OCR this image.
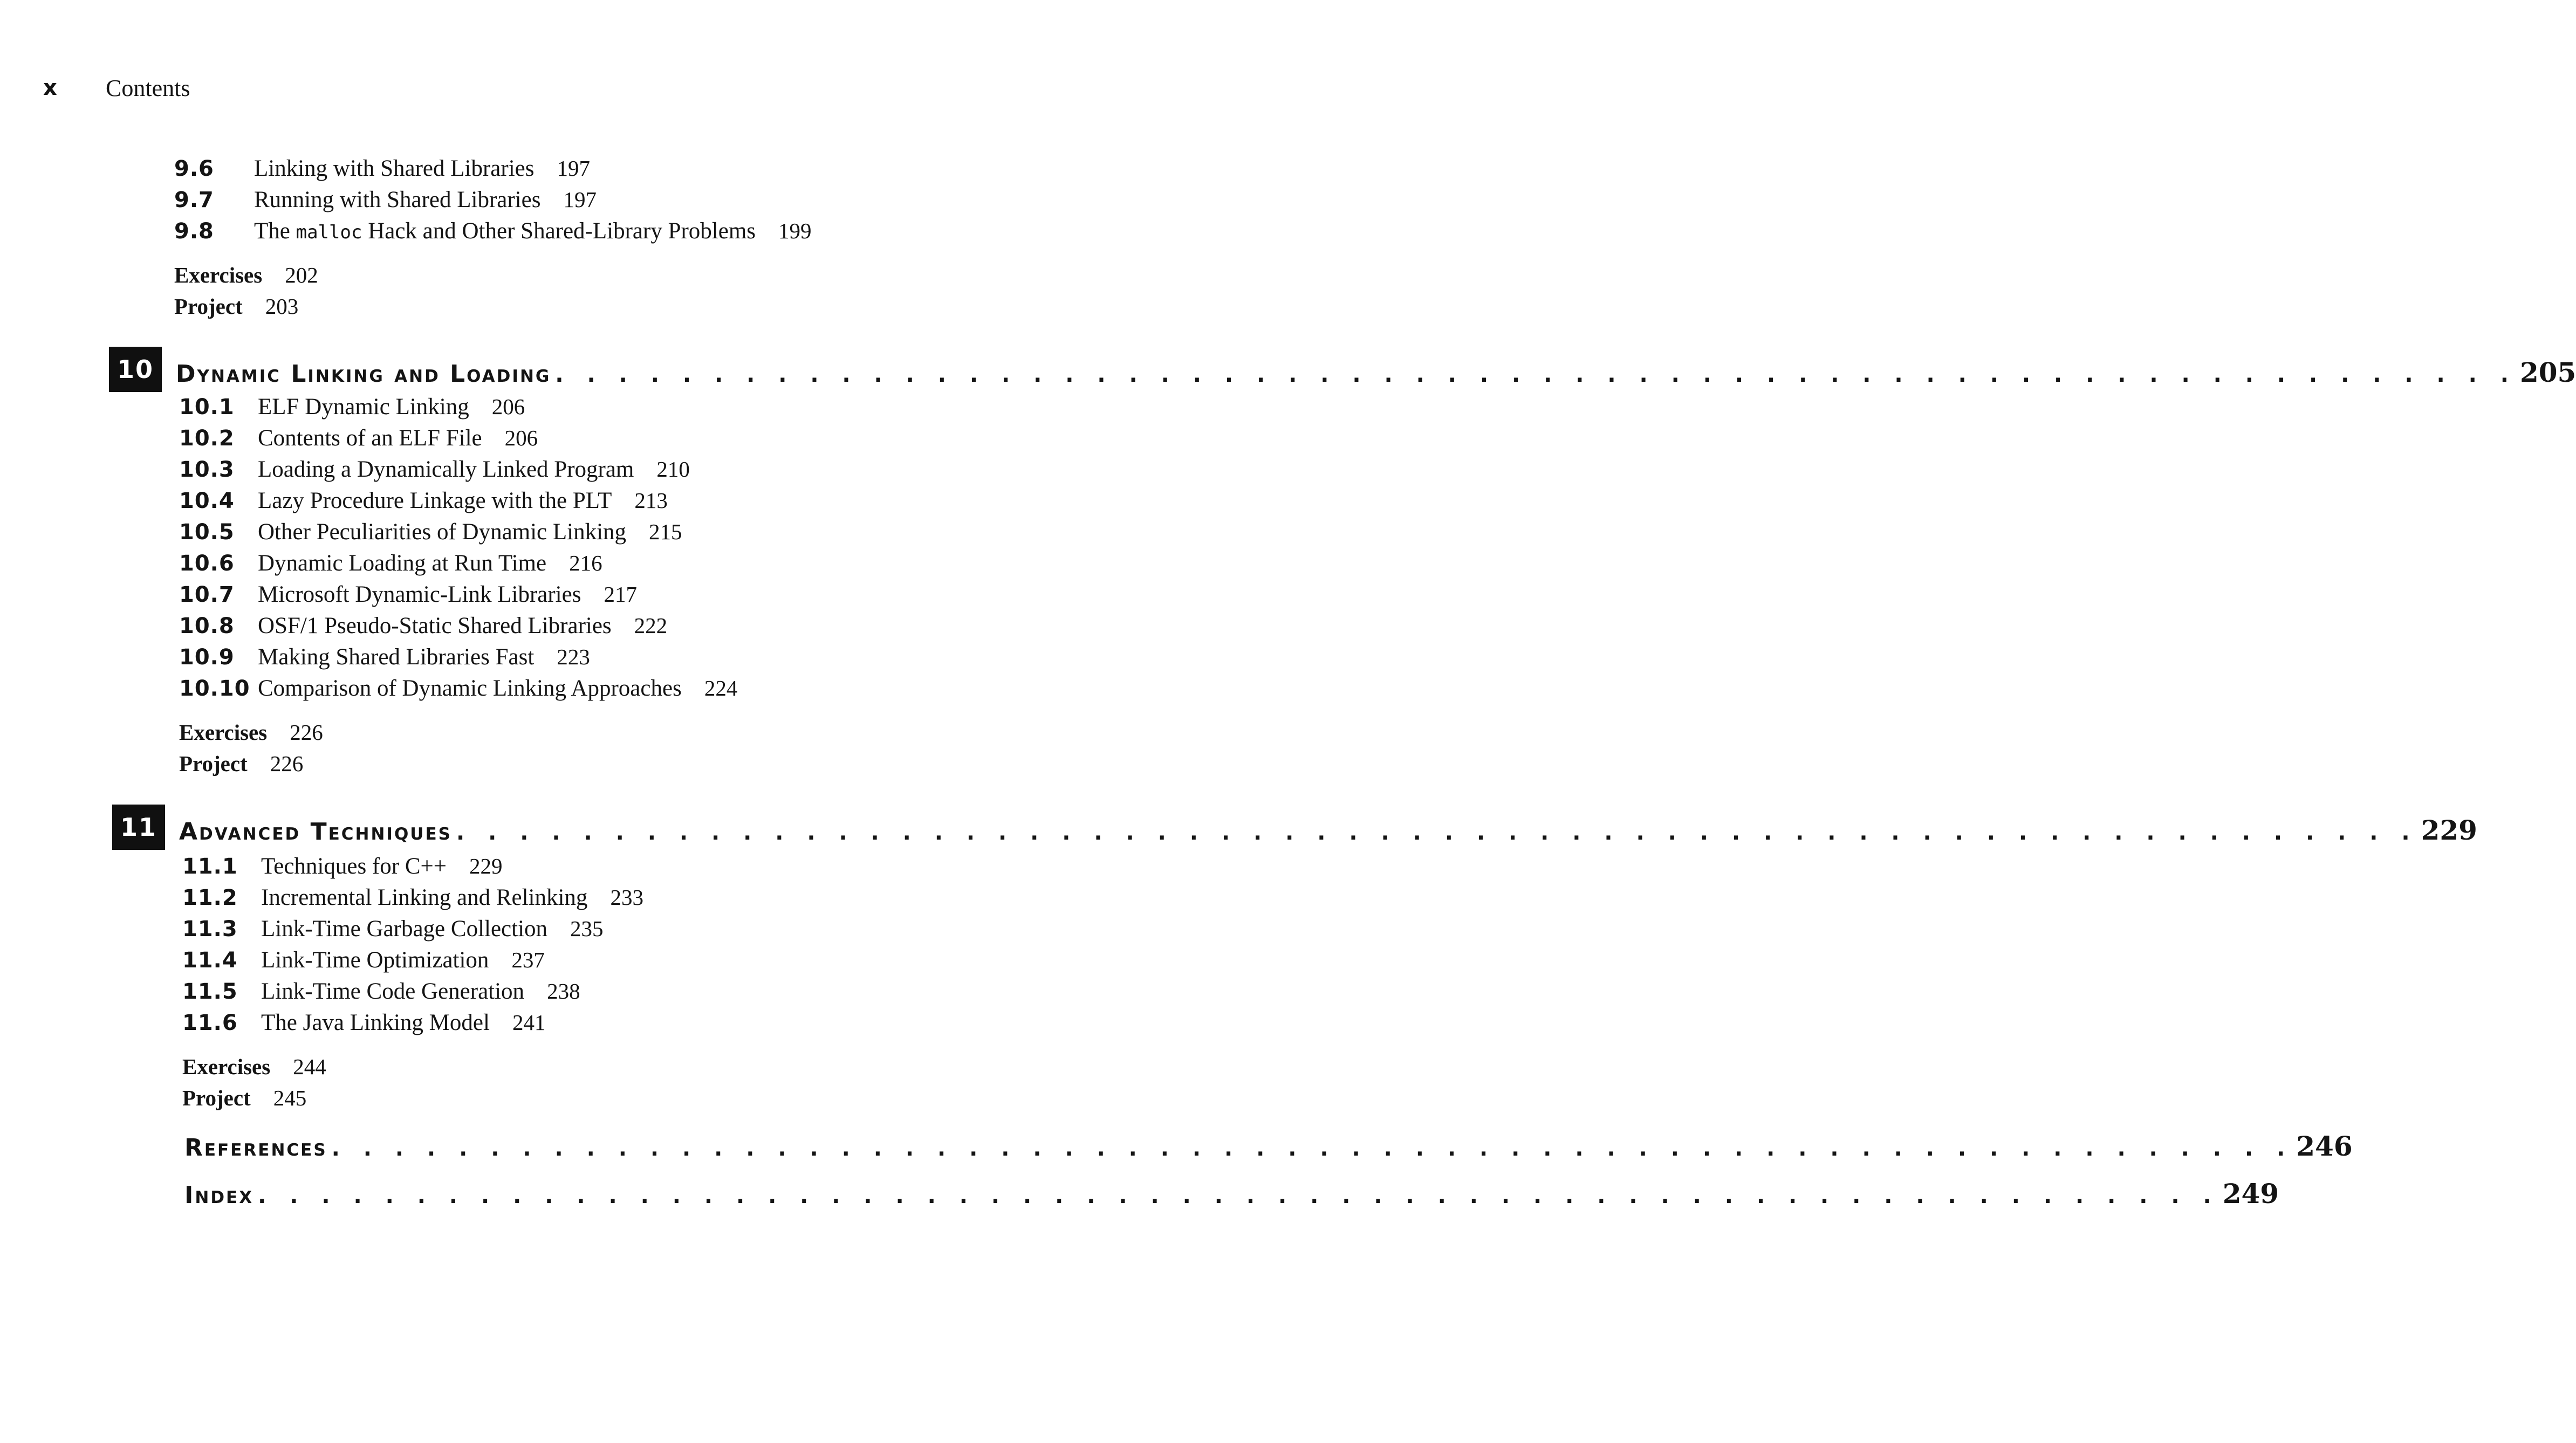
x Contents
9.6	Linking with Shared Libraries 197
9.7	Running with Shared Libraries 197
9.8	The malloc Hack and Other Shared-Library Problems 199
Exercises 202
Project 203
10 Dynamic Linking and Loading . . . . . . . . . . . . . . . . . . . . . . . . . . . . . . . . . . . . . . . . . . . . . . . . . . . . . . . . . . . . . . 205
10.1	ELF Dynamic Linking 206
10.2	Contents of an ELF File 206
10.3	Loading a Dynamically Linked Program 210
10.4	Lazy Procedure Linkage with the PLT 213
10.5	Other Peculiarities of Dynamic Linking 215
10.6	Dynamic Loading at Run Time 216
10.7	Microsoft Dynamic-Link Libraries 217
10.8	OSF/1 Pseudo-Static Shared Libraries 222
10.9	Making Shared Libraries Fast 223
10.10 Comparison of Dynamic Linking Approaches 224
Exercises 226
Project 226
11 Advanced Techniques . . . . . . . . . . . . . . . . . . . . . . . . . . . . . . . . . . . . . . . . . . . . . . . . . . . . . . . . . . . . . . 229
11.1	Techniques for C++ 229
11.2	Incremental Linking and Relinking 233
11.3	Link-Time Garbage Collection 235
11.4	Link-Time Optimization 237
11.5	Link-Time Code Generation 238
11.6	The Java Linking Model 241
Exercises 244
Project 245
References . . . . . . . . . . . . . . . . . . . . . . . . . . . . . . . . . . . . . . . . . . . . . . . . . . . . . . . . . . . . . . 246
Index . . . . . . . . . . . . . . . . . . . . . . . . . . . . . . . . . . . . . . . . . . . . . . . . . . . . . . . . . . . . . . 249
